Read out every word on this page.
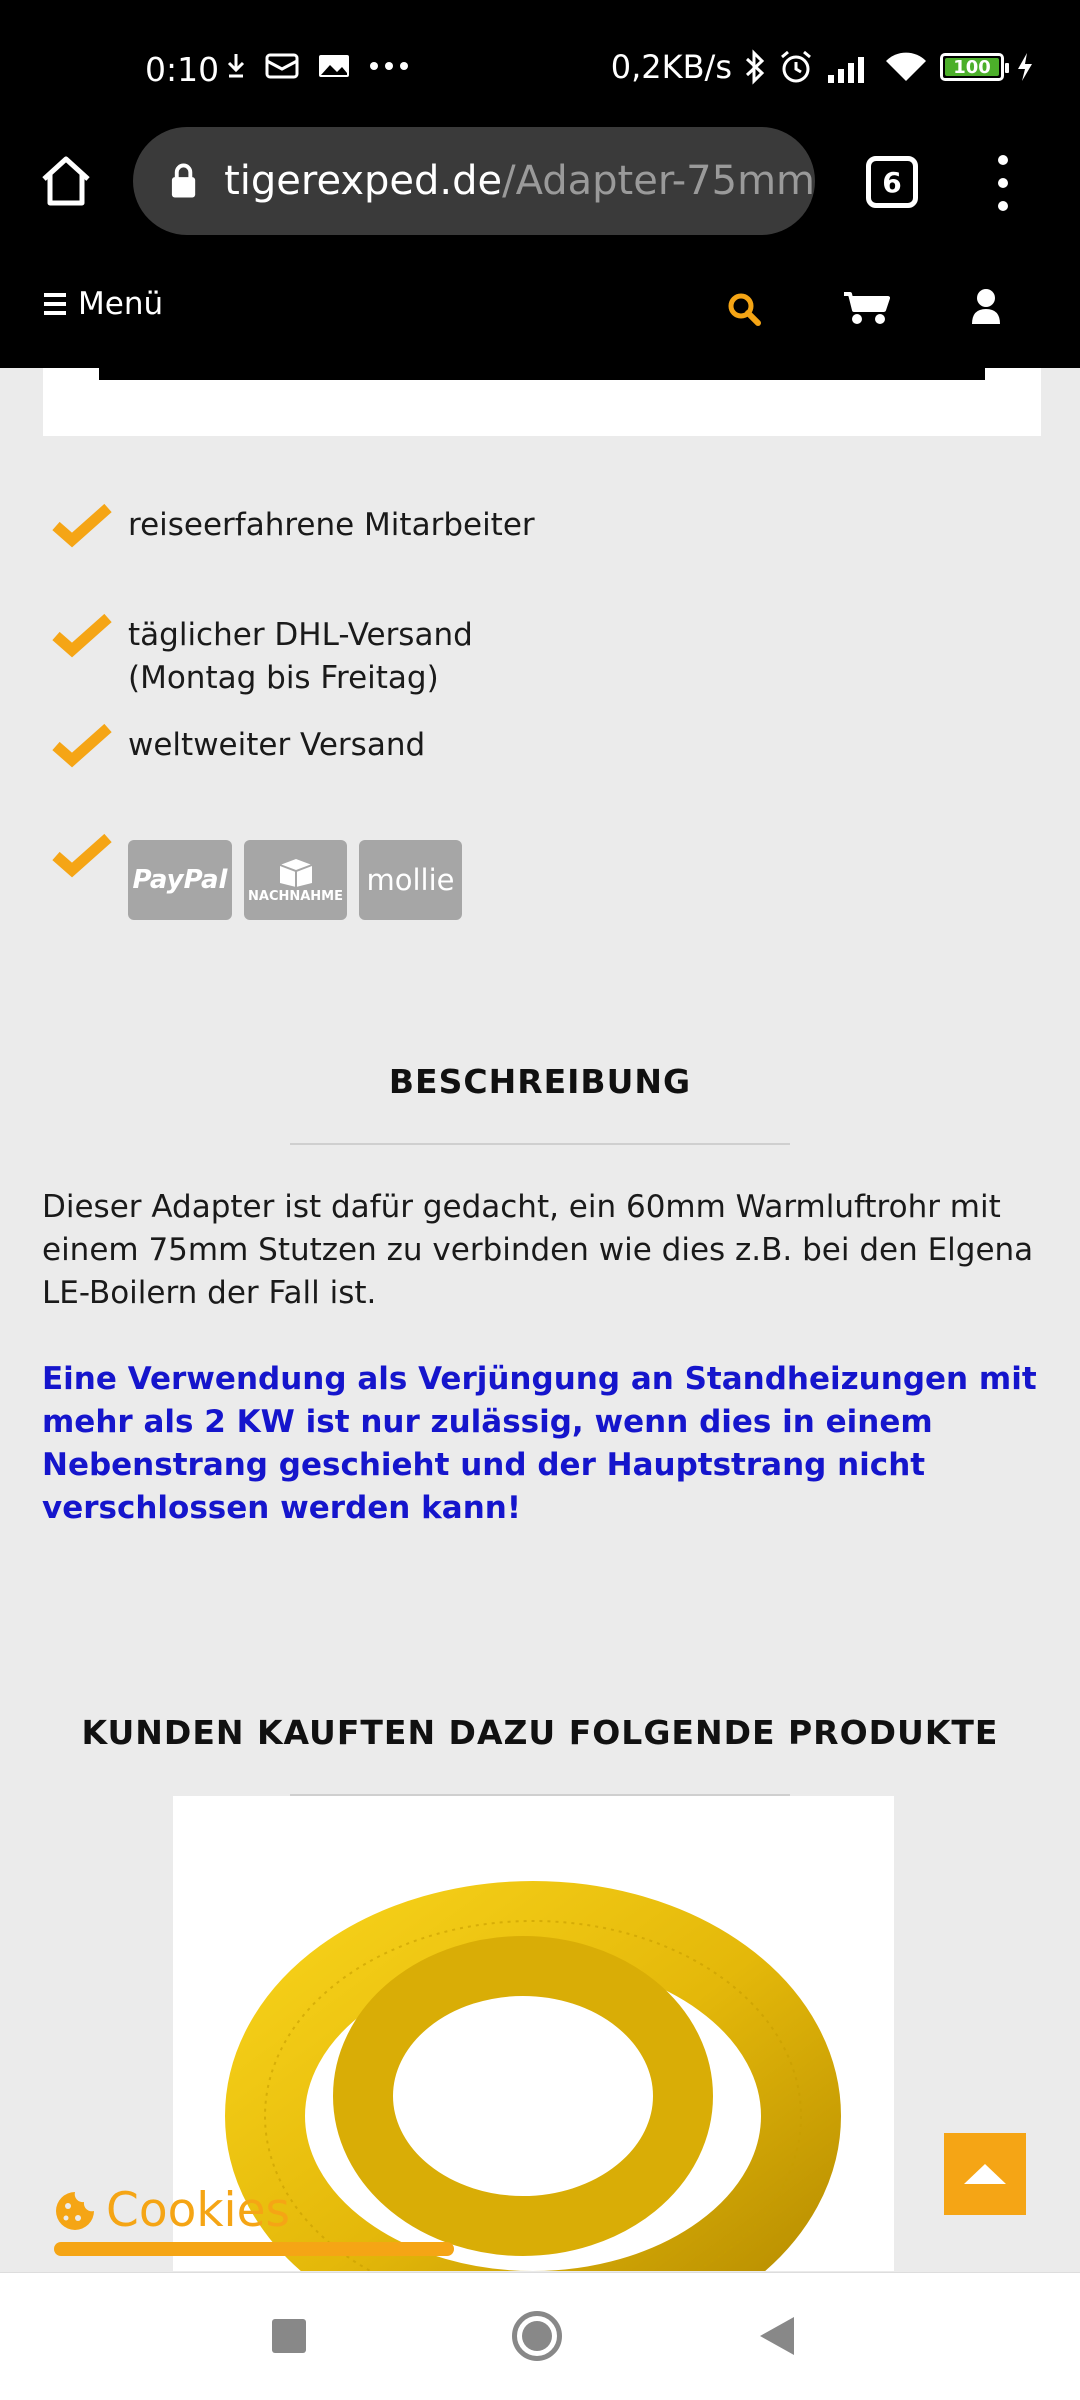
0:10	0,2KB/s	100
tigerexped.de/Adapter-75mm	6
Menü
reiseerfahrene Mitarbeiter
täglicher DHL-Versand
(Montag bis Freitag)
weltweiter Versand
PayPal
NACHNAHME mollie
BESCHREIBUNG

Dieser Adapter ist dafür gedacht, ein 60mm Warmluftrohr mit einem 75mm Stutzen zu verbinden wie dies z.B. bei den Elgena LE-Boilern der Fall ist.

Eine Verwendung als Verjüngung an Standheizungen mit mehr als 2 KW ist nur zulässig, wenn dies in einem Nebenstrang geschieht und der Hauptstrang nicht verschlossen werden kann!

KUNDEN KAUFTEN DAZU FOLGENDE PRODUKTE
Cookies
